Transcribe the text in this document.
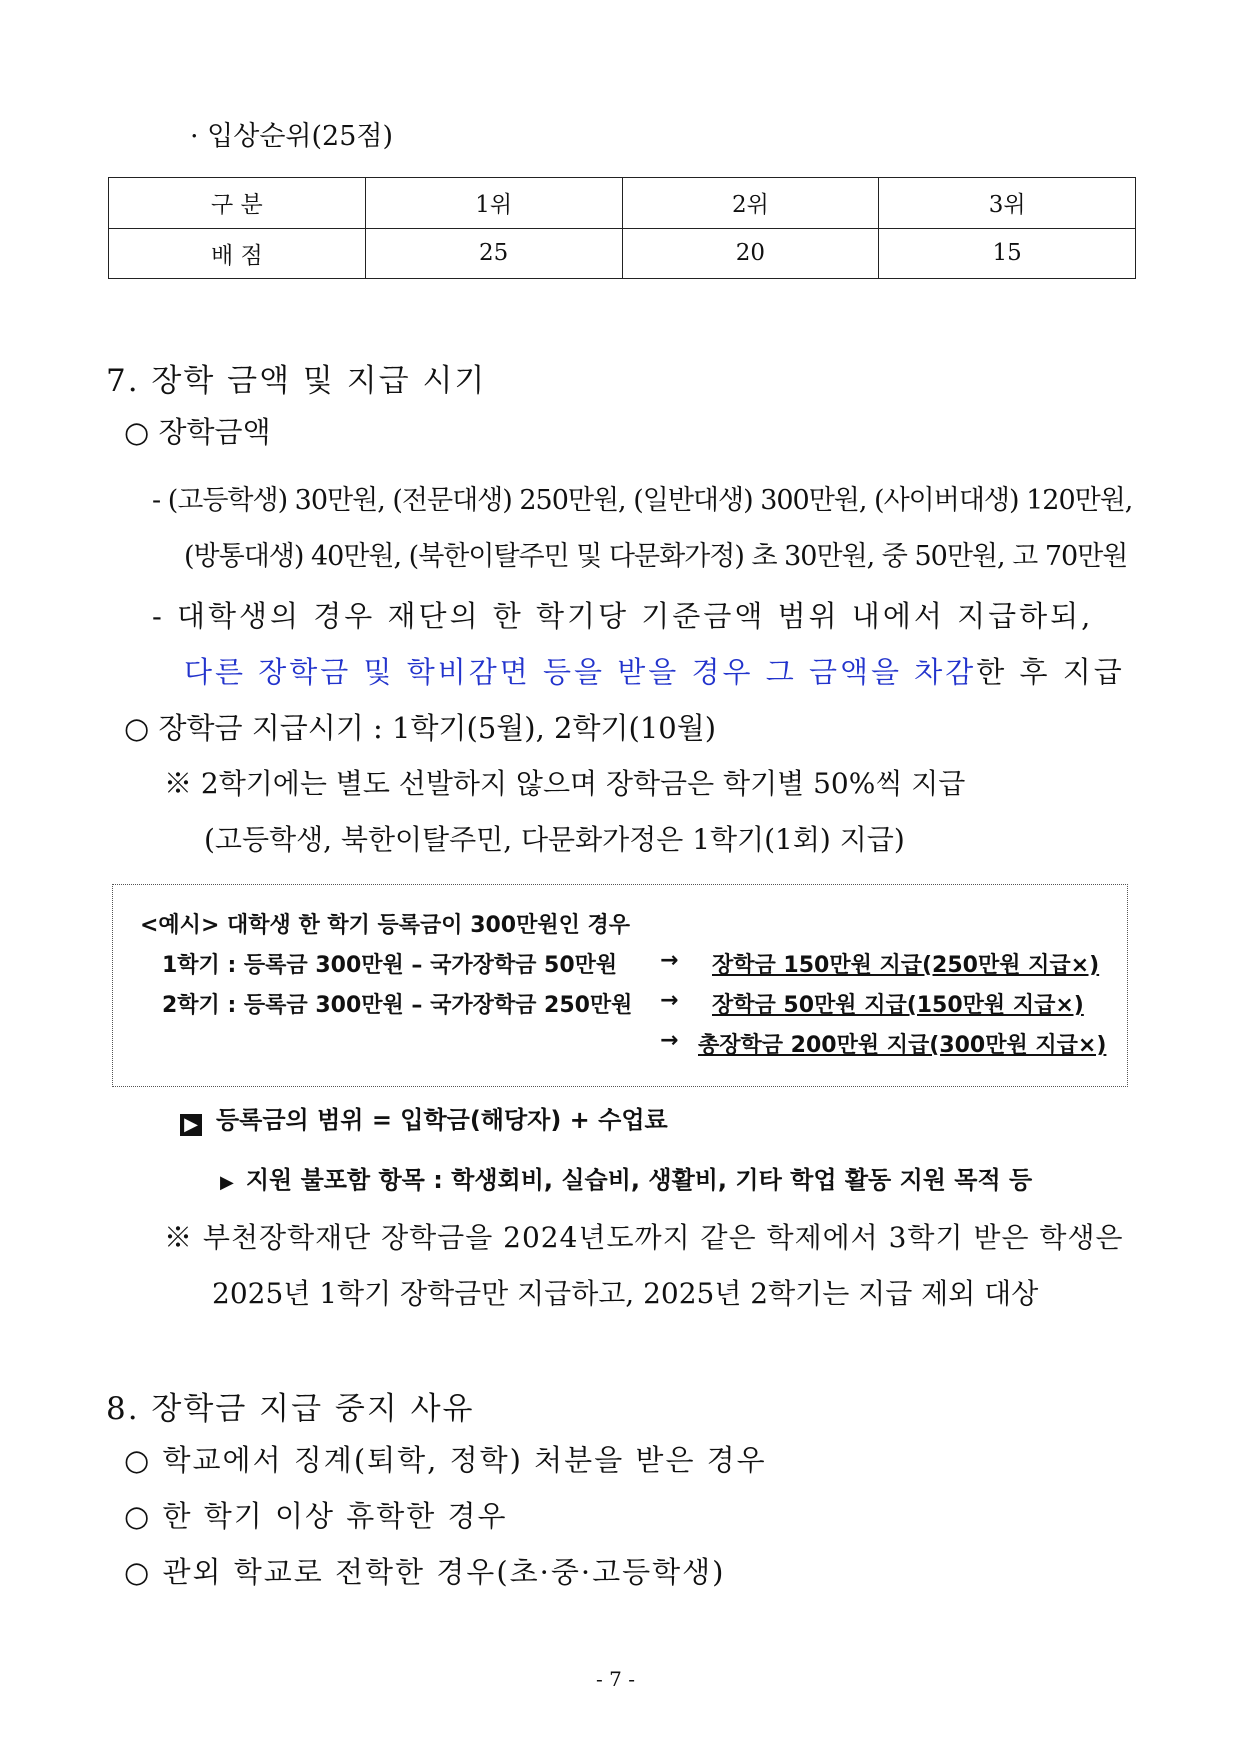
· 입상순위(25점)
구 분	1위	2위	3위
배 점	25	20	15
7. 장학 금액 및 지급 시기
○ 장학금액
- (고등학생) 30만원, (전문대생) 250만원, (일반대생) 300만원, (사이버대생) 120만원,
(방통대생) 40만원, (북한이탈주민 및 다문화가정) 초 30만원, 중 50만원, 고 70만원
- 대학생의 경우 재단의 한 학기당 기준금액 범위 내에서 지급하되,
다른 장학금 및 학비감면 등을 받을 경우 그 금액을 차감한 후 지급
○ 장학금 지급시기 : 1학기(5월), 2학기(10월)
※ 2학기에는 별도 선발하지 않으며 장학금은 학기별 50%씩 지급
(고등학생, 북한이탈주민, 다문화가정은 1학기(1회) 지급)
<예시> 대학생 한 학기 등록금이 300만원인 경우
1학기 : 등록금 300만원 – 국가장학금 50만원 → 장학금 150만원 지급(250만원 지급×)
2학기 : 등록금 300만원 – 국가장학금 250만원 → 장학금 50만원 지급(150만원 지급×)
→ 총장학금 200만원 지급(300만원 지급×)
▶ 등록금의 범위 = 입학금(해당자) + 수업료
▶ 지원 불포함 항목 : 학생회비, 실습비, 생활비, 기타 학업 활동 지원 목적 등
※ 부천장학재단 장학금을 2024년도까지 같은 학제에서 3학기 받은 학생은
2025년 1학기 장학금만 지급하고, 2025년 2학기는 지급 제외 대상
8. 장학금 지급 중지 사유
○ 학교에서 징계(퇴학, 정학) 처분을 받은 경우
○ 한 학기 이상 휴학한 경우
○ 관외 학교로 전학한 경우(초·중·고등학생)
- 7 -
